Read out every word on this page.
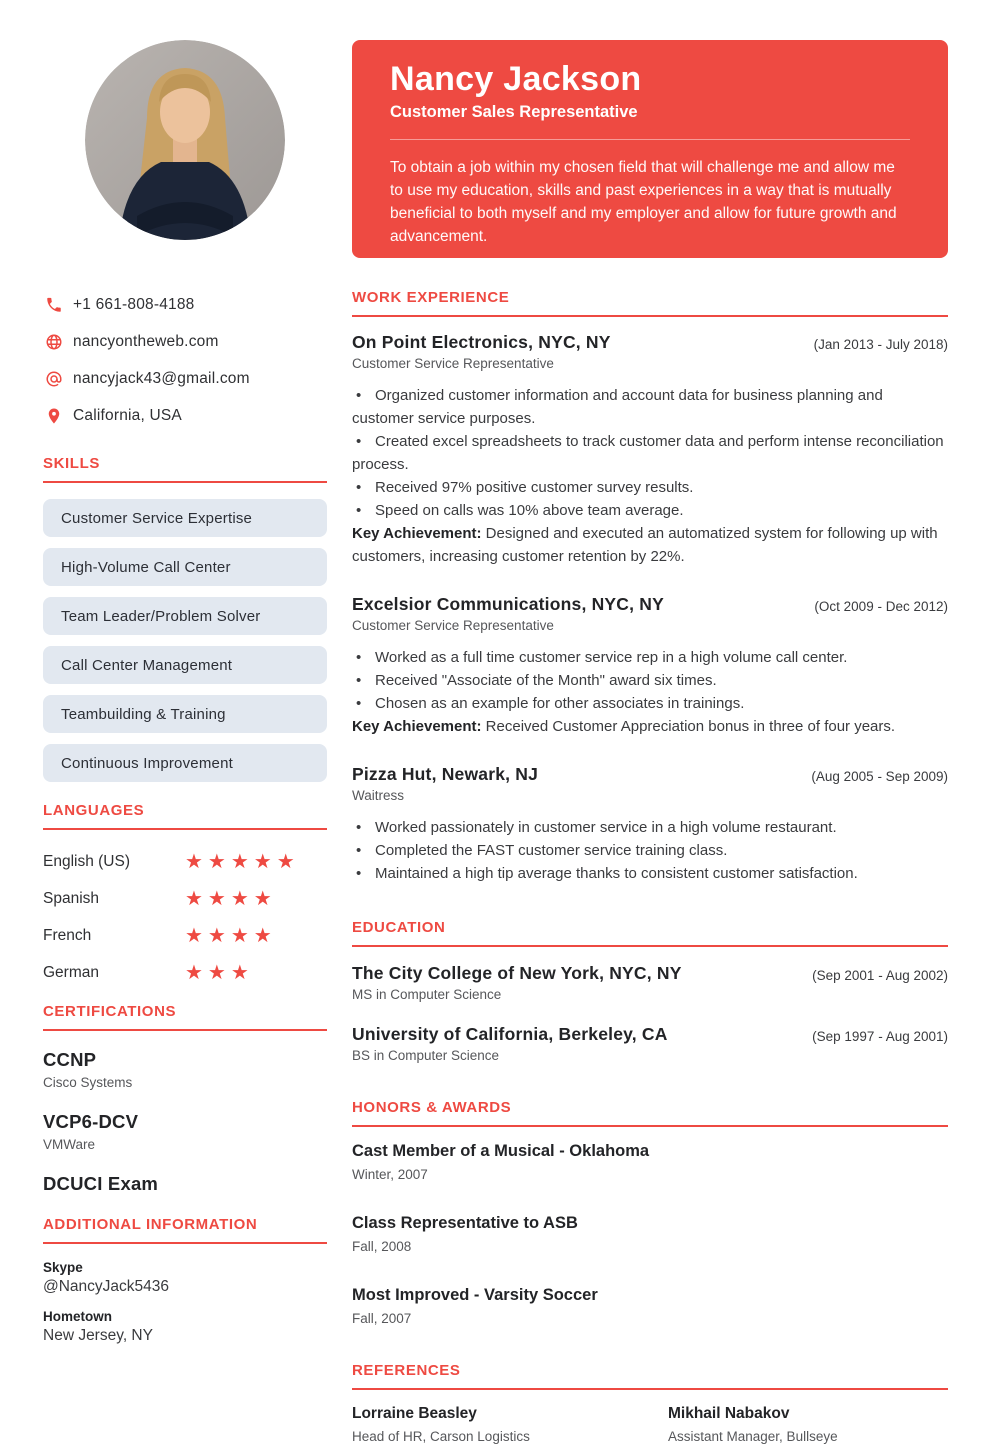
+1 661-808-4188
nancyontheweb.com
nancyjack43@gmail.com
California, USA
SKILLS
Customer Service Expertise
High-Volume Call Center
Team Leader/Problem Solver
Call Center Management
Teambuilding & Training
Continuous Improvement
LANGUAGES
English (US)	★★★★★
Spanish	★★★★
French	★★★★
German	★★★
CERTIFICATIONS
CCNP
Cisco Systems
VCP6-DCV
VMWare
DCUCI Exam
ADDITIONAL INFORMATION
Skype
@NancyJack5436
Hometown
New Jersey, NY
Nancy Jackson
Customer Sales Representative

To obtain a job within my chosen field that will challenge me and allow me to use my education, skills and past experiences in a way that is mutually beneficial to both myself and my employer and allow for future growth and advancement.

WORK EXPERIENCE
On Point Electronics, NYC, NY	(Jan 2013 - July 2018)
Customer Service Representative
• Organized customer information and account data for business planning and customer service purposes.
• Created excel spreadsheets to track customer data and perform intense reconciliation process.
• Received 97% positive customer survey results.
• Speed on calls was 10% above team average.
Key Achievement: Designed and executed an automatized system for following up with customers, increasing customer retention by 22%.
Excelsior Communications, NYC, NY	(Oct 2009 - Dec 2012)
Customer Service Representative
• Worked as a full time customer service rep in a high volume call center.
• Received "Associate of the Month" award six times.
• Chosen as an example for other associates in trainings.
Key Achievement: Received Customer Appreciation bonus in three of four years.
Pizza Hut, Newark, NJ	(Aug 2005 - Sep 2009)
Waitress
• Worked passionately in customer service in a high volume restaurant.
• Completed the FAST customer service training class.
• Maintained a high tip average thanks to consistent customer satisfaction.
EDUCATION
The City College of New York, NYC, NY	(Sep 2001 - Aug 2002)
MS in Computer Science
University of California, Berkeley, CA	(Sep 1997 - Aug 2001)
BS in Computer Science
HONORS & AWARDS
Cast Member of a Musical - Oklahoma
Winter, 2007
Class Representative to ASB
Fall, 2008
Most Improved - Varsity Soccer
Fall, 2007
REFERENCES
Lorraine Beasley
Head of HR, Carson Logistics
Mikhail Nabakov
Assistant Manager, Bullseye
